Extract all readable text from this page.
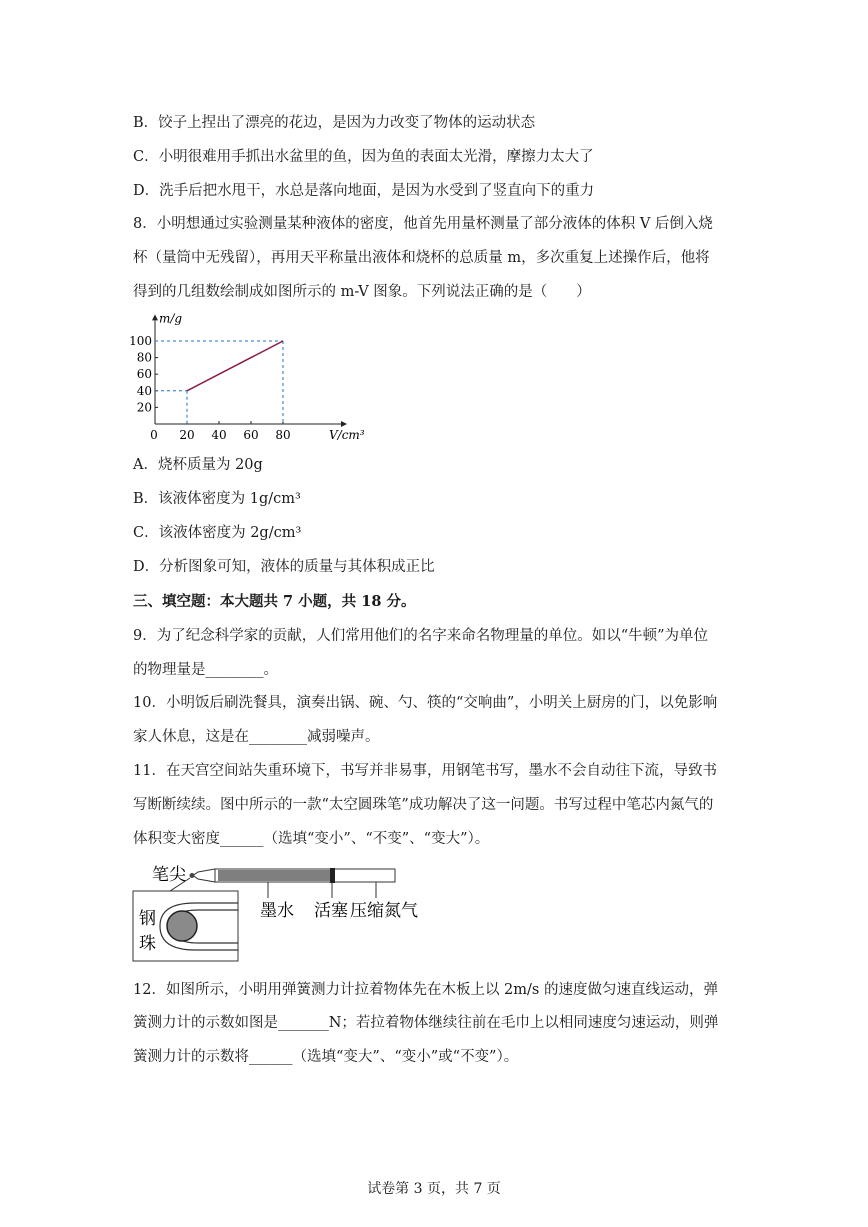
B．饺子上捏出了漂亮的花边，是因为力改变了物体的运动状态
C．小明很难用手抓出水盆里的鱼，因为鱼的表面太光滑，摩擦力太大了
D．洗手后把水甩干，水总是落向地面，是因为水受到了竖直向下的重力
8．小明想通过实验测量某种液体的密度，他首先用量杯测量了部分液体的体积 V 后倒入烧
杯（量筒中无残留），再用天平称量出液体和烧杯的总质量 m，多次重复上述操作后，他将
得到的几组数绘制成如图所示的 m-V 图象。下列说法正确的是（　　）
20 40 60 80
20
40
60
80
100
0
m/g
V/cm³
A．烧杯质量为 20g
B．该液体密度为 1g/cm³
C．该液体密度为 2g/cm³
D．分析图象可知，液体的质量与其体积成正比
三、填空题：本大题共 7 小题，共 18 分。
9．为了纪念科学家的贡献，人们常用他们的名字来命名物理量的单位。如以“牛顿”为单位
的物理量是________。
10．小明饭后刷洗餐具，演奏出锅、碗、勺、筷的“交响曲”，小明关上厨房的门，以免影响
家人休息，这是在________减弱噪声。
11．在天宫空间站失重环境下，书写并非易事，用钢笔书写，墨水不会自动往下流，导致书
写断断续续。图中所示的一款“太空圆珠笔”成功解决了这一问题。书写过程中笔芯内氮气的
体积变大密度______（选填“变小”、“不变”、“变大”）。
笔尖
墨水 活塞 压缩氮气
钢
珠
12．如图所示，小明用弹簧测力计拉着物体先在木板上以 2m/s 的速度做匀速直线运动，弹
簧测力计的示数如图是_______N；若拉着物体继续往前在毛巾上以相同速度匀速运动，则弹
簧测力计的示数将______（选填“变大”、“变小”或“不变”）。
试卷第 3 页，共 7 页
